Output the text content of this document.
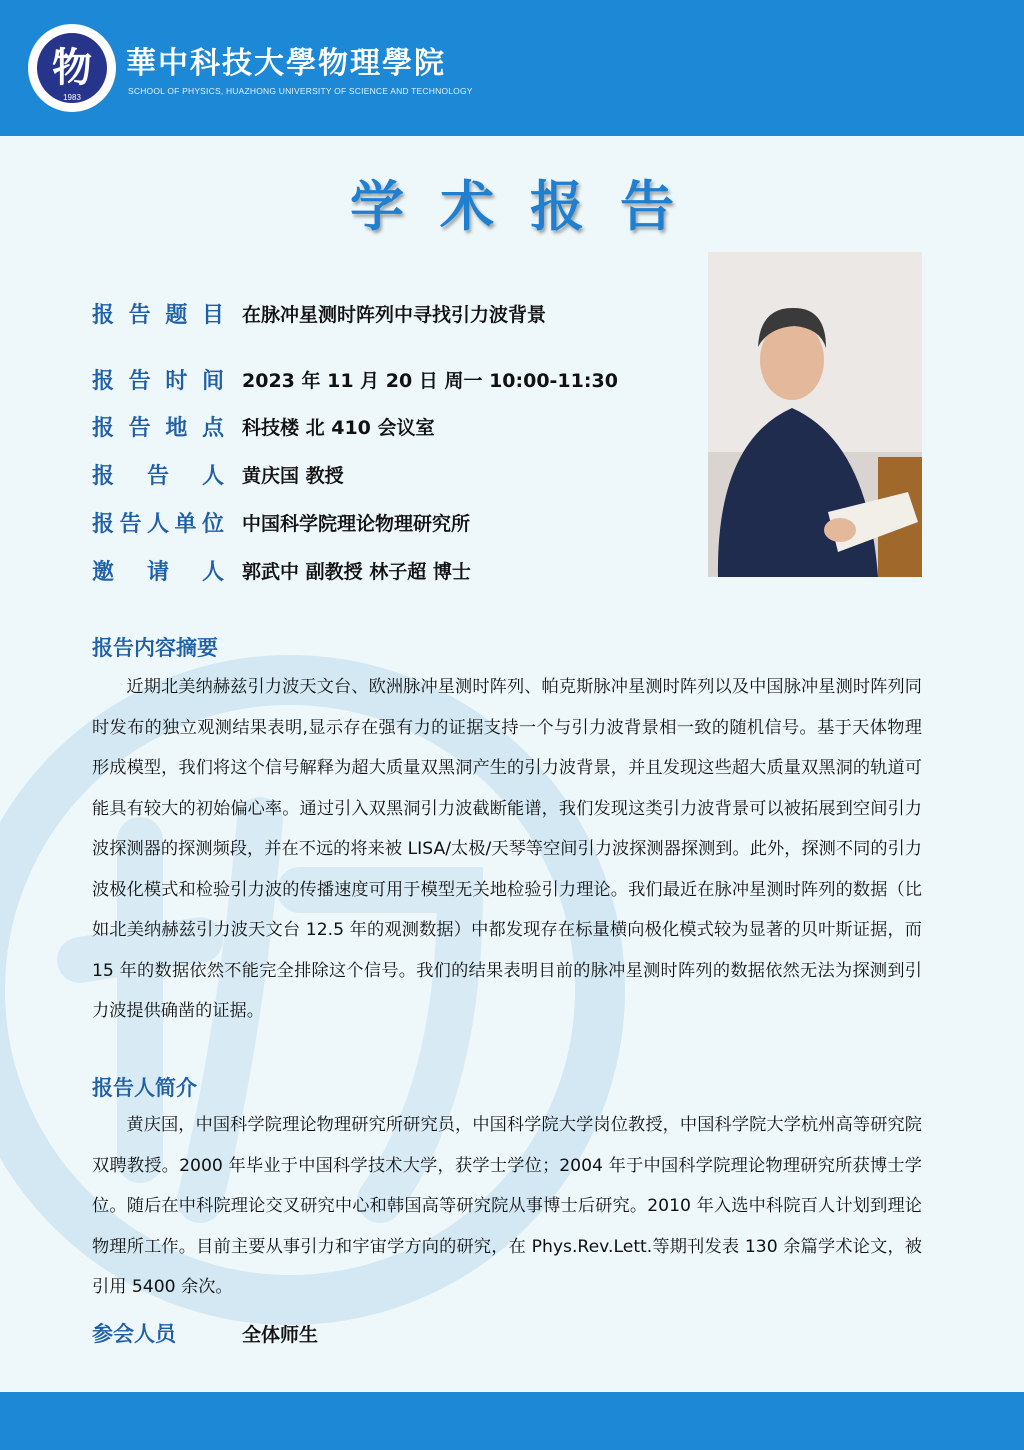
物
1983
華中科技大學物理學院
SCHOOL OF PHYSICS, HUAZHONG UNIVERSITY OF SCIENCE AND TECHNOLOGY
学术报告
报 告 题 目 在脉冲星测时阵列中寻找引力波背景
报 告 时 间 2023 年 11 月 20 日 周一 10:00-11:30
报 告 地 点 科技楼 北 410 会议室
报 告 人 黄庆国 教授
报 告 人 单 位 中国科学院理论物理研究所
邀 请 人 郭武中 副教授 林子超 博士
报告内容摘要
近期北美纳赫兹引力波天文台、欧洲脉冲星测时阵列、帕克斯脉冲星测时阵列以及中国脉冲星测时阵列同时发布的独立观测结果表明,显示存在强有力的证据支持一个与引力波背景相一致的随机信号。基于天体物理形成模型，我们将这个信号解释为超大质量双黑洞产生的引力波背景，并且发现这些超大质量双黑洞的轨道可能具有较大的初始偏心率。通过引入双黑洞引力波截断能谱，我们发现这类引力波背景可以被拓展到空间引力波探测器的探测频段，并在不远的将来被 LISA/太极/天琴等空间引力波探测器探测到。此外，探测不同的引力波极化模式和检验引力波的传播速度可用于模型无关地检验引力理论。我们最近在脉冲星测时阵列的数据（比如北美纳赫兹引力波天文台 12.5 年的观测数据）中都发现存在标量横向极化模式较为显著的贝叶斯证据，而 15 年的数据依然不能完全排除这个信号。我们的结果表明目前的脉冲星测时阵列的数据依然无法为探测到引力波提供确凿的证据。
报告人简介
黄庆国，中国科学院理论物理研究所研究员，中国科学院大学岗位教授，中国科学院大学杭州高等研究院双聘教授。2000 年毕业于中国科学技术大学，获学士学位；2004 年于中国科学院理论物理研究所获博士学位。随后在中科院理论交叉研究中心和韩国高等研究院从事博士后研究。2010 年入选中科院百人计划到理论物理所工作。目前主要从事引力和宇宙学方向的研究，在 Phys.Rev.Lett.等期刊发表 130 余篇学术论文，被引用 5400 余次。
参会人员	全体师生
